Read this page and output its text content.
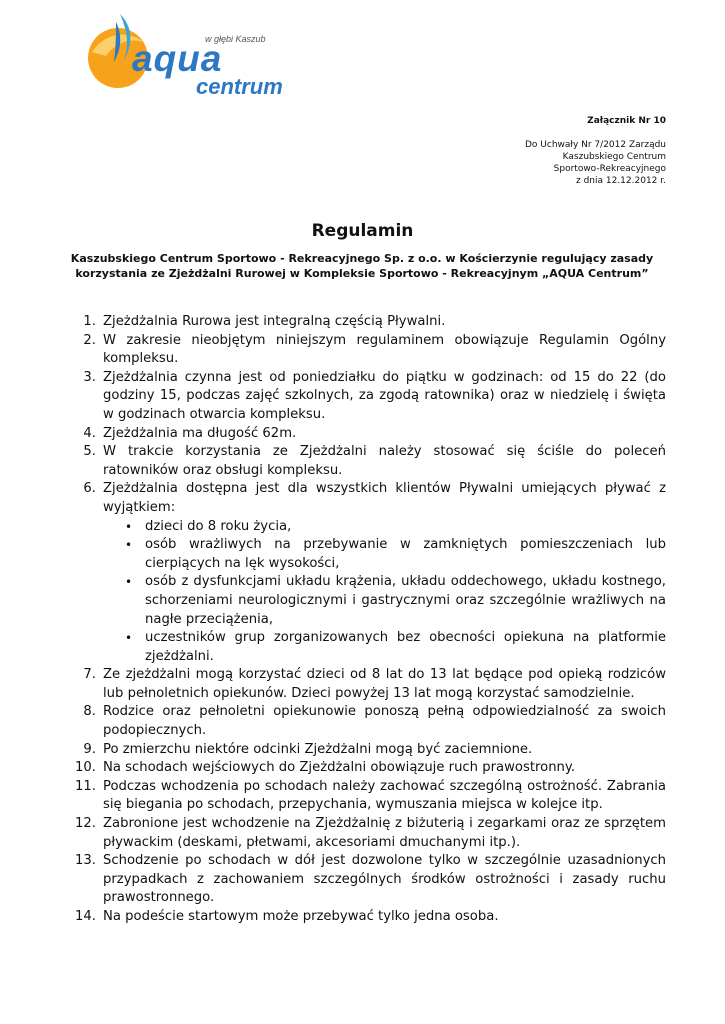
w głębi Kaszub
aqua
centrum
Załącznik Nr 10
Do Uchwały Nr 7/2012 Zarządu
Kaszubskiego Centrum
Sportowo-Rekreacyjnego
z dnia 12.12.2012 r.
Regulamin
Kaszubskiego Centrum Sportowo - Rekreacyjnego Sp. z o.o. w Kościerzynie regulujący zasady korzystania ze Zjeżdżalni Rurowej w Kompleksie Sportowo - Rekreacyjnym „AQUA Centrum”
1. Zjeżdżalnia Rurowa jest integralną częścią Pływalni.
2. W zakresie nieobjętym niniejszym regulaminem obowiązuje Regulamin Ogólny kompleksu.
3. Zjeżdżalnia czynna jest od poniedziałku do piątku w godzinach: od 15 do 22 (do godziny 15, podczas zajęć szkolnych, za zgodą ratownika) oraz w niedzielę i święta w godzinach otwarcia kompleksu.
4. Zjeżdżalnia ma długość 62m.
5. W trakcie korzystania ze Zjeżdżalni należy stosować się ściśle do poleceń ratowników oraz obsługi kompleksu.
6. Zjeżdżalnia dostępna jest dla wszystkich klientów Pływalni umiejących pływać z wyjątkiem:
• dzieci do 8 roku życia,
• osób wrażliwych na przebywanie w zamkniętych pomieszczeniach lub cierpiących na lęk wysokości,
• osób z dysfunkcjami układu krążenia, układu oddechowego, układu kostnego, schorzeniami neurologicznymi i gastrycznymi oraz szczególnie wrażliwych na nagłe przeciążenia,
• uczestników grup zorganizowanych bez obecności opiekuna na platformie zjeżdżalni.
7. Ze zjeżdżalni mogą korzystać dzieci od 8 lat do 13 lat będące pod opieką rodziców lub pełnoletnich opiekunów. Dzieci powyżej 13 lat mogą korzystać samodzielnie.
8. Rodzice oraz pełnoletni opiekunowie ponoszą pełną odpowiedzialność za swoich podopiecznych.
9. Po zmierzchu niektóre odcinki Zjeżdżalni mogą być zaciemnione.
10. Na schodach wejściowych do Zjeżdżalni obowiązuje ruch prawostronny.
11. Podczas wchodzenia po schodach należy zachować szczególną ostrożność. Zabrania się biegania po schodach, przepychania, wymuszania miejsca w kolejce itp.
12. Zabronione jest wchodzenie na Zjeżdżalnię z biżuterią i zegarkami oraz ze sprzętem pływackim (deskami, płetwami, akcesoriami dmuchanymi itp.).
13. Schodzenie po schodach w dół jest dozwolone tylko w szczególnie uzasadnionych przypadkach z zachowaniem szczególnych środków ostrożności i zasady ruchu prawostronnego.
14. Na podeście startowym może przebywać tylko jedna osoba.
